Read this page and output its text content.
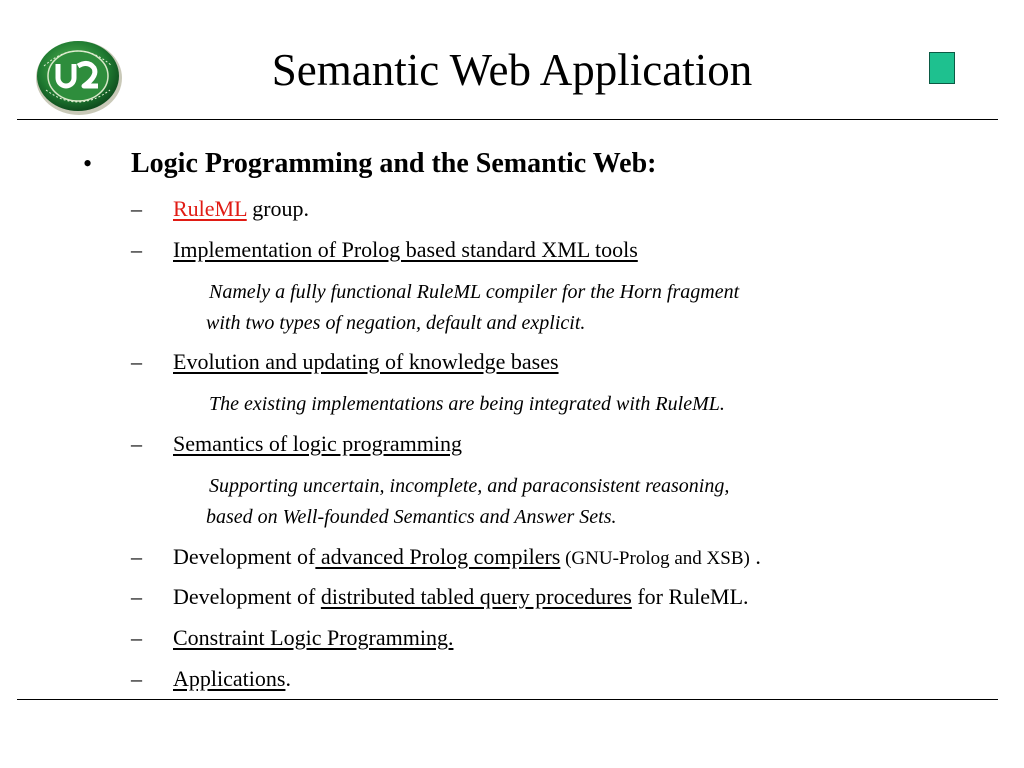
Semantic Web Application
• Logic Programming and the Semantic Web:
– RuleML group.
– Implementation of Prolog based standard XML tools
Namely a fully functional RuleML compiler for the Horn fragment
with two types of negation, default and explicit.
– Evolution and updating of knowledge bases
The existing implementations are being integrated with RuleML.
– Semantics of logic programming
Supporting uncertain, incomplete, and paraconsistent reasoning,
based on Well-founded Semantics and Answer Sets.
– Development of advanced Prolog compilers (GNU-Prolog and XSB) .
– Development of distributed tabled query procedures for RuleML.
– Constraint Logic Programming.
– Applications.
